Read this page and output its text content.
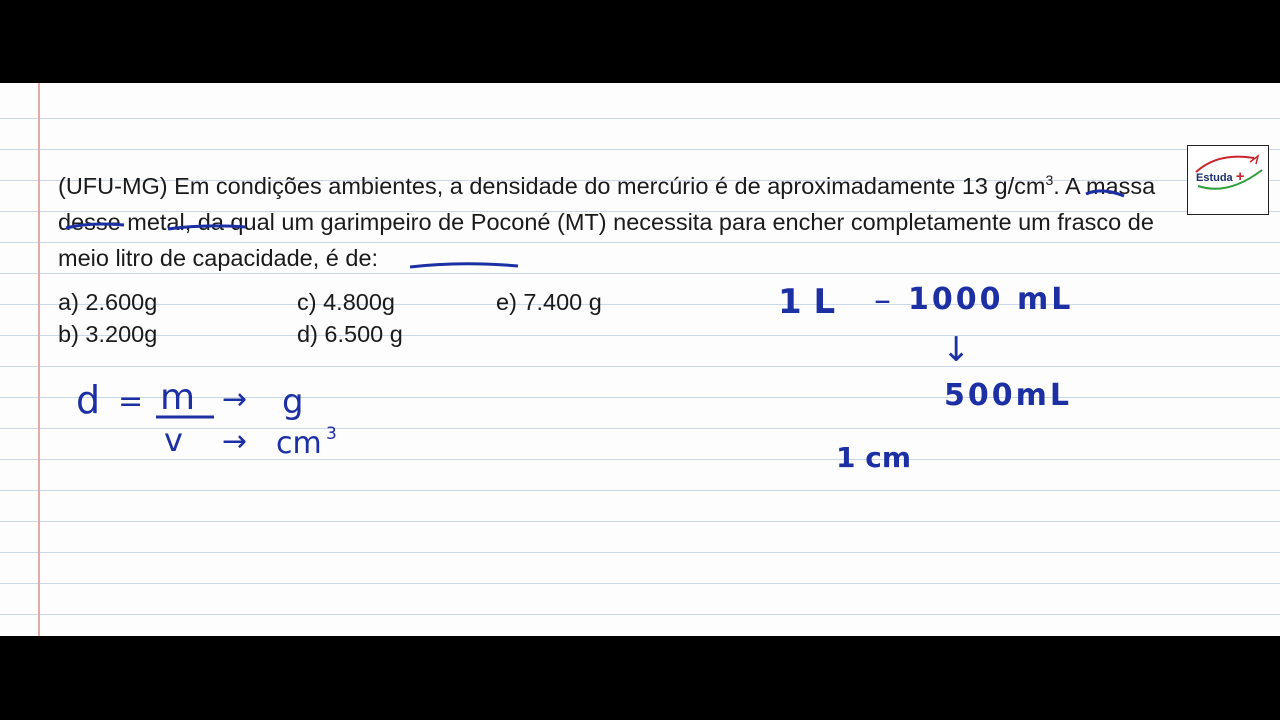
(UFU-MG) Em condições ambientes, a densidade do mercúrio é de aproximadamente 13 $g/cm^3$. A massa desse metal, da qual um garimpeiro de Poconé (MT) necessita para encher completamente um frasco de meio litro de capacidade, é de:

a) 2.600g
b) 3.200g
c) 4.800g
d) 6.500 g
e) 7.400 g
Estuda +
d = m
v
→ g
→ cm 3
1 L – 1000 mL
↓
500mL
1 cm
